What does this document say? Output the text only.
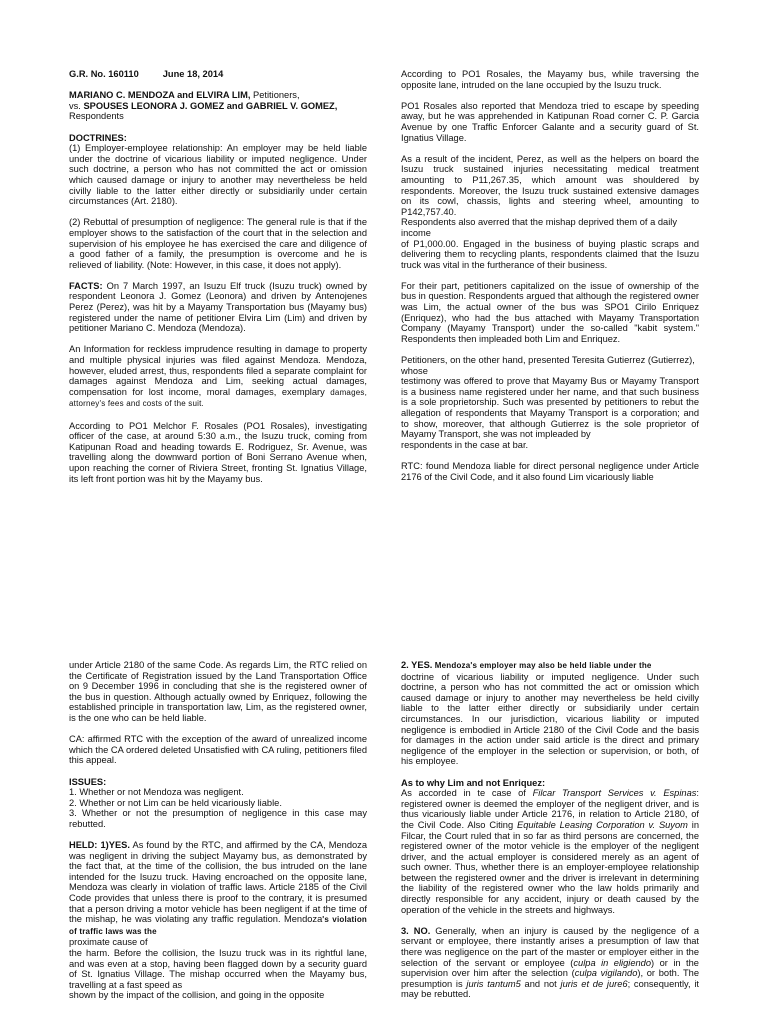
G.R. No. 160110	June 18, 2014

MARIANO C. MENDOZA and ELVIRA LIM, Petitioners,
vs. SPOUSES LEONORA J. GOMEZ and GABRIEL V. GOMEZ,
Respondents

DOCTRINES:

(1) Employer-employee relationship: An employer may be held liable under the doctrine of vicarious liability or imputed negligence. Under such doctrine, a person who has not committed the act or omission which caused damage or injury to another may nevertheless be held civilly liable to the latter either directly or subsidiarily under certain circumstances (Art. 2180).

(2) Rebuttal of presumption of negligence: The general rule is that if the employer shows to the satisfaction of the court that in the selection and supervision of his employee he has exercised the care and diligence of a good father of a family, the presumption is overcome and he is relieved of liability. (Note: However, in this case, it does not apply).

FACTS: On 7 March 1997, an Isuzu Elf truck (Isuzu truck) owned by respondent Leonora J. Gomez (Leonora) and driven by Antenojenes Perez (Perez), was hit by a Mayamy Transportation bus (Mayamy bus) registered under the name of petitioner Elvira Lim (Lim) and driven by petitioner Mariano C. Mendoza (Mendoza).

An Information for reckless imprudence resulting in damage to property and multiple physical injuries was filed against Mendoza. Mendoza, however, eluded arrest, thus, respondents filed a separate complaint for damages against Mendoza and Lim, seeking actual damages, compensation for lost income, moral damages, exemplary damages, attorney's fees and costs of the suit.

According to PO1 Melchor F. Rosales (PO1 Rosales), investigating officer of the case, at around 5:30 a.m., the Isuzu truck, coming from Katipunan Road and heading towards E. Rodriguez, Sr. Avenue, was travelling along the downward portion of Boni Serrano Avenue when, upon reaching the corner of Riviera Street, fronting St. Ignatius Village, its left front portion was hit by the Mayamy bus.

According to PO1 Rosales, the Mayamy bus, while traversing the opposite lane, intruded on the lane occupied by the Isuzu truck.

PO1 Rosales also reported that Mendoza tried to escape by speeding away, but he was apprehended in Katipunan Road corner C. P. Garcia Avenue by one Traffic Enforcer Galante and a security guard of St. Ignatius Village.

As a result of the incident, Perez, as well as the helpers on board the Isuzu truck sustained injuries necessitating medical treatment amounting to P11,267.35, which amount was shouldered by respondents. Moreover, the Isuzu truck sustained extensive damages on its cowl, chassis, lights and steering wheel, amounting to P142,757.40.

Respondents also averred that the mishap deprived them of a daily income

of P1,000.00. Engaged in the business of buying plastic scraps and delivering them to recycling plants, respondents claimed that the Isuzu truck was vital in the furtherance of their business.

For their part, petitioners capitalized on the issue of ownership of the bus in question. Respondents argued that although the registered owner was Lim, the actual owner of the bus was SPO1 Cirilo Enriquez (Enriquez), who had the bus attached with Mayamy Transportation Company (Mayamy Transport) under the so-called "kabit system." Respondents then impleaded both Lim and Enriquez.

Petitioners, on the other hand, presented Teresita Gutierrez (Gutierrez), whose

testimony was offered to prove that Mayamy Bus or Mayamy Transport is a business name registered under her name, and that such business is a sole proprietorship. Such was presented by petitioners to rebut the allegation of respondents that Mayamy Transport is a corporation; and to show, moreover, that although Gutierrez is the sole proprietor of Mayamy Transport, she was not impleaded by

respondents in the case at bar.

RTC: found Mendoza liable for direct personal negligence under Article 2176 of the Civil Code, and it also found Lim vicariously liable

under Article 2180 of the same Code. As regards Lim, the RTC relied on the Certificate of Registration issued by the Land Transportation Office on 9 December 1996 in concluding that she is the registered owner of the bus in question. Although actually owned by Enriquez, following the established principle in transportation law, Lim, as the registered owner, is the one who can be held liable.

CA: affirmed RTC with the exception of the award of unrealized income which the CA ordered deleted Unsatisfied with CA ruling, petitioners filed this appeal.

ISSUES:

1. Whether or not Mendoza was negligent.

2. Whether or not Lim can be held vicariously liable.

3. Whether or not the presumption of negligence in this case may rebutted.

HELD: 1)YES. As found by the RTC, and affirmed by the CA, Mendoza was negligent in driving the subject Mayamy bus, as demonstrated by the fact that, at the time of the collision, the bus intruded on the lane intended for the Isuzu truck. Having encroached on the opposite lane, Mendoza was clearly in violation of traffic laws. Article 2185 of the Civil Code provides that unless there is proof to the contrary, it is presumed that a person driving a motor vehicle has been negligent if at the time of the mishap, he was violating any traffic regulation. Mendoza's violation of traffic laws was the

proximate cause of

the harm. Before the collision, the Isuzu truck was in its rightful lane, and was even at a stop, having been flagged down by a security guard of St. Ignatius Village. The mishap occurred when the Mayamy bus, travelling at a fast speed as

shown by the impact of the collision, and going in the opposite

2. YES. Mendoza's employer may also be held liable under the

doctrine of vicarious liability or imputed negligence. Under such doctrine, a person who has not committed the act or omission which caused damage or injury to another may nevertheless be held civilly liable to the latter either directly or subsidiarily under certain circumstances. In our jurisdiction, vicarious liability or imputed negligence is embodied in Article 2180 of the Civil Code and the basis for damages in the action under said article is the direct and primary negligence of the employer in the selection or supervision, or both, of his employee.

As to why Lim and not Enriquez:

As accorded in te case of Filcar Transport Services v. Espinas: registered owner is deemed the employer of the negligent driver, and is thus vicariously liable under Article 2176, in relation to Article 2180, of the Civil Code. Also Citing Equitable Leasing Corporation v. Suyom in Filcar, the Court ruled that in so far as third persons are concerned, the registered owner of the motor vehicle is the employer of the negligent driver, and the actual employer is considered merely as an agent of such owner. Thus, whether there is an employer-employee relationship between the registered owner and the driver is irrelevant in determining the liability of the registered owner who the law holds primarily and directly responsible for any accident, injury or death caused by the operation of the vehicle in the streets and highways.

3. NO. Generally, when an injury is caused by the negligence of a servant or employee, there instantly arises a presumption of law that there was negligence on the part of the master or employer either in the selection of the servant or employee (culpa in eligiendo) or in the supervision over him after the selection (culpa vigilando), or both. The presumption is juris tantum5 and not juris et de jure6; consequently, it may be rebutted.
